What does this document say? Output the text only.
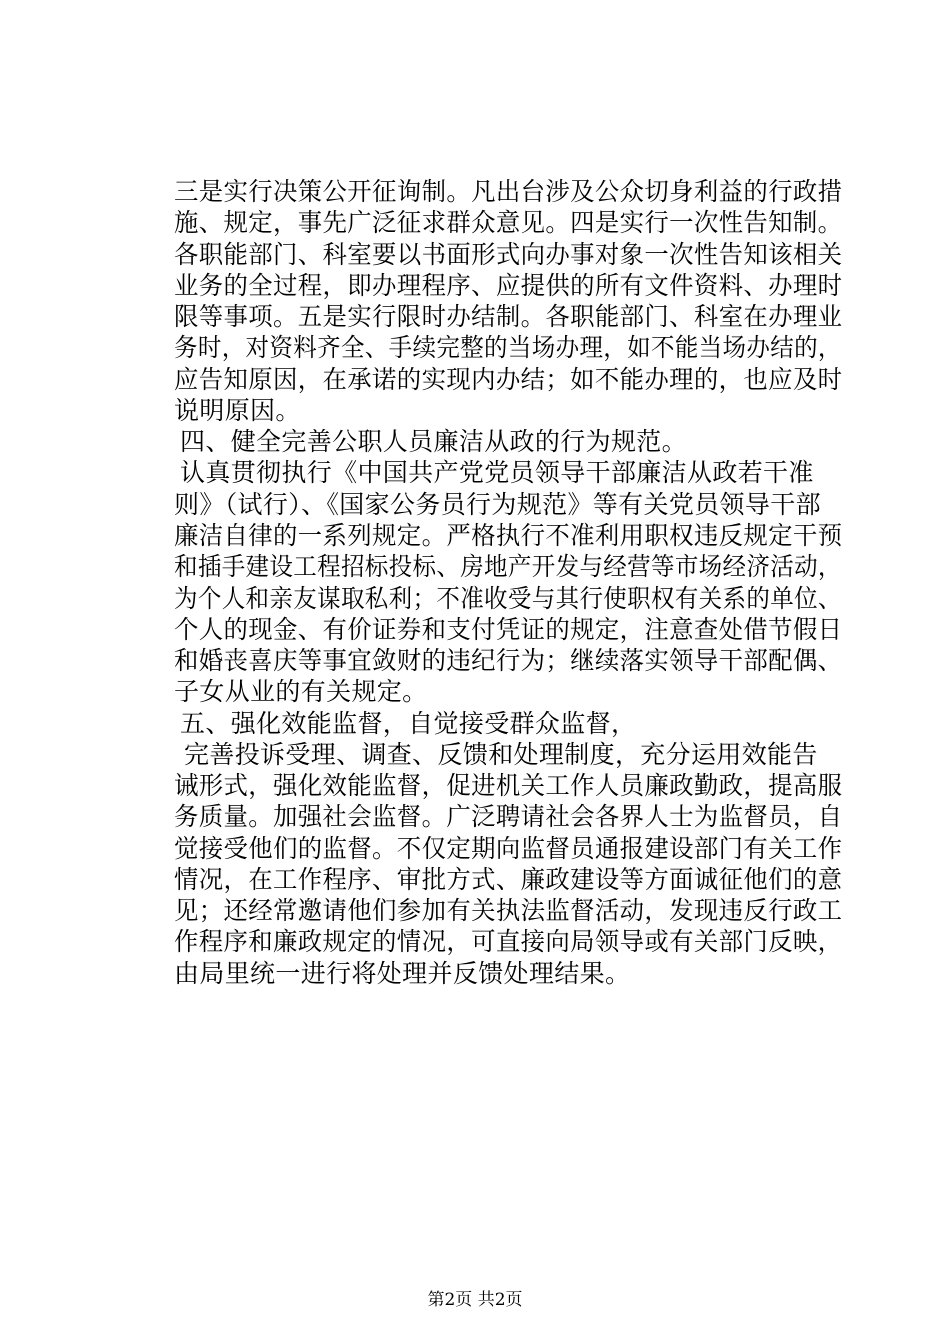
三是实行决策公开征询制。凡出台涉及公众切身利益的行政措
施、规定，事先广泛征求群众意见。四是实行一次性告知制。
各职能部门、科室要以书面形式向办事对象一次性告知该相关
业务的全过程，即办理程序、应提供的所有文件资料、办理时
限等事项。五是实行限时办结制。各职能部门、科室在办理业
务时，对资料齐全、手续完整的当场办理，如不能当场办结的，
应告知原因，在承诺的实现内办结；如不能办理的，也应及时
说明原因。
四、健全完善公职人员廉洁从政的行为规范。
认真贯彻执行《中国共产党党员领导干部廉洁从政若干准
则》（试行）、《国家公务员行为规范》等有关党员领导干部
廉洁自律的一系列规定。严格执行不准利用职权违反规定干预
和插手建设工程招标投标、房地产开发与经营等市场经济活动，
为个人和亲友谋取私利；不准收受与其行使职权有关系的单位、
个人的现金、有价证券和支付凭证的规定，注意查处借节假日
和婚丧喜庆等事宜敛财的违纪行为；继续落实领导干部配偶、
子女从业的有关规定。
五、强化效能监督，自觉接受群众监督，
完善投诉受理、调查、反馈和处理制度，充分运用效能告
诫形式，强化效能监督，促进机关工作人员廉政勤政，提高服
务质量。加强社会监督。广泛聘请社会各界人士为监督员，自
觉接受他们的监督。不仅定期向监督员通报建设部门有关工作
情况，在工作程序、审批方式、廉政建设等方面诚征他们的意
见；还经常邀请他们参加有关执法监督活动，发现违反行政工
作程序和廉政规定的情况，可直接向局领导或有关部门反映，
由局里统一进行将处理并反馈处理结果。
第2页 共2页
